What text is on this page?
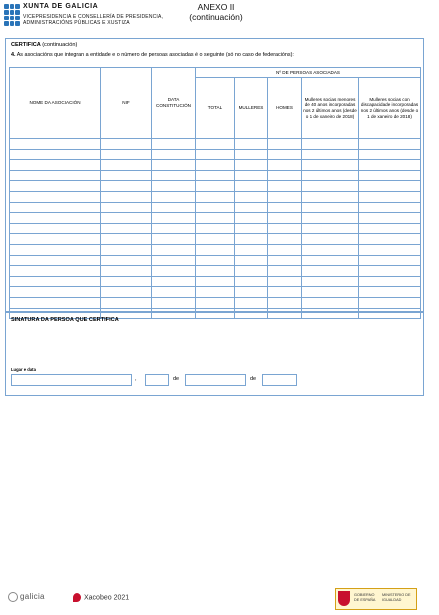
XUNTA DE GALICIA
VICEPRESIDENCIA E CONSELLERÍA DE PRESIDENCIA,
ADMINISTRACIÓNS PÚBLICAS E XUSTIZA
ANEXO II
(continuación)
CERTIFICA (continuación)
4. As asociacións que integran a entidade e o número de persoas asociadas é o seguinte (só no caso de federacións):
NOME DA ASOCIACIÓN	NIF	DATA CONSTITUCIÓN	Nº DE PERSOAS ASOCIADAS				
			TOTAL	MULLERES	HOMES	Mulleres socias menores de 40 anos incorporadas nos 2 últimos anos (desde o 1 de xaneiro de 2018)	Mulleres socias con discapacidade incorporadas nos 2 últimos anos (desde o 1 de xaneiro de 2018)

SINATURA DA PERSOA QUE CERTIFICA
Lugar e data
,	de	de
galicia	Xacobeo 2021	GOBIERNO DE ESPAÑA
MINISTERIO DE IGUALDAD
